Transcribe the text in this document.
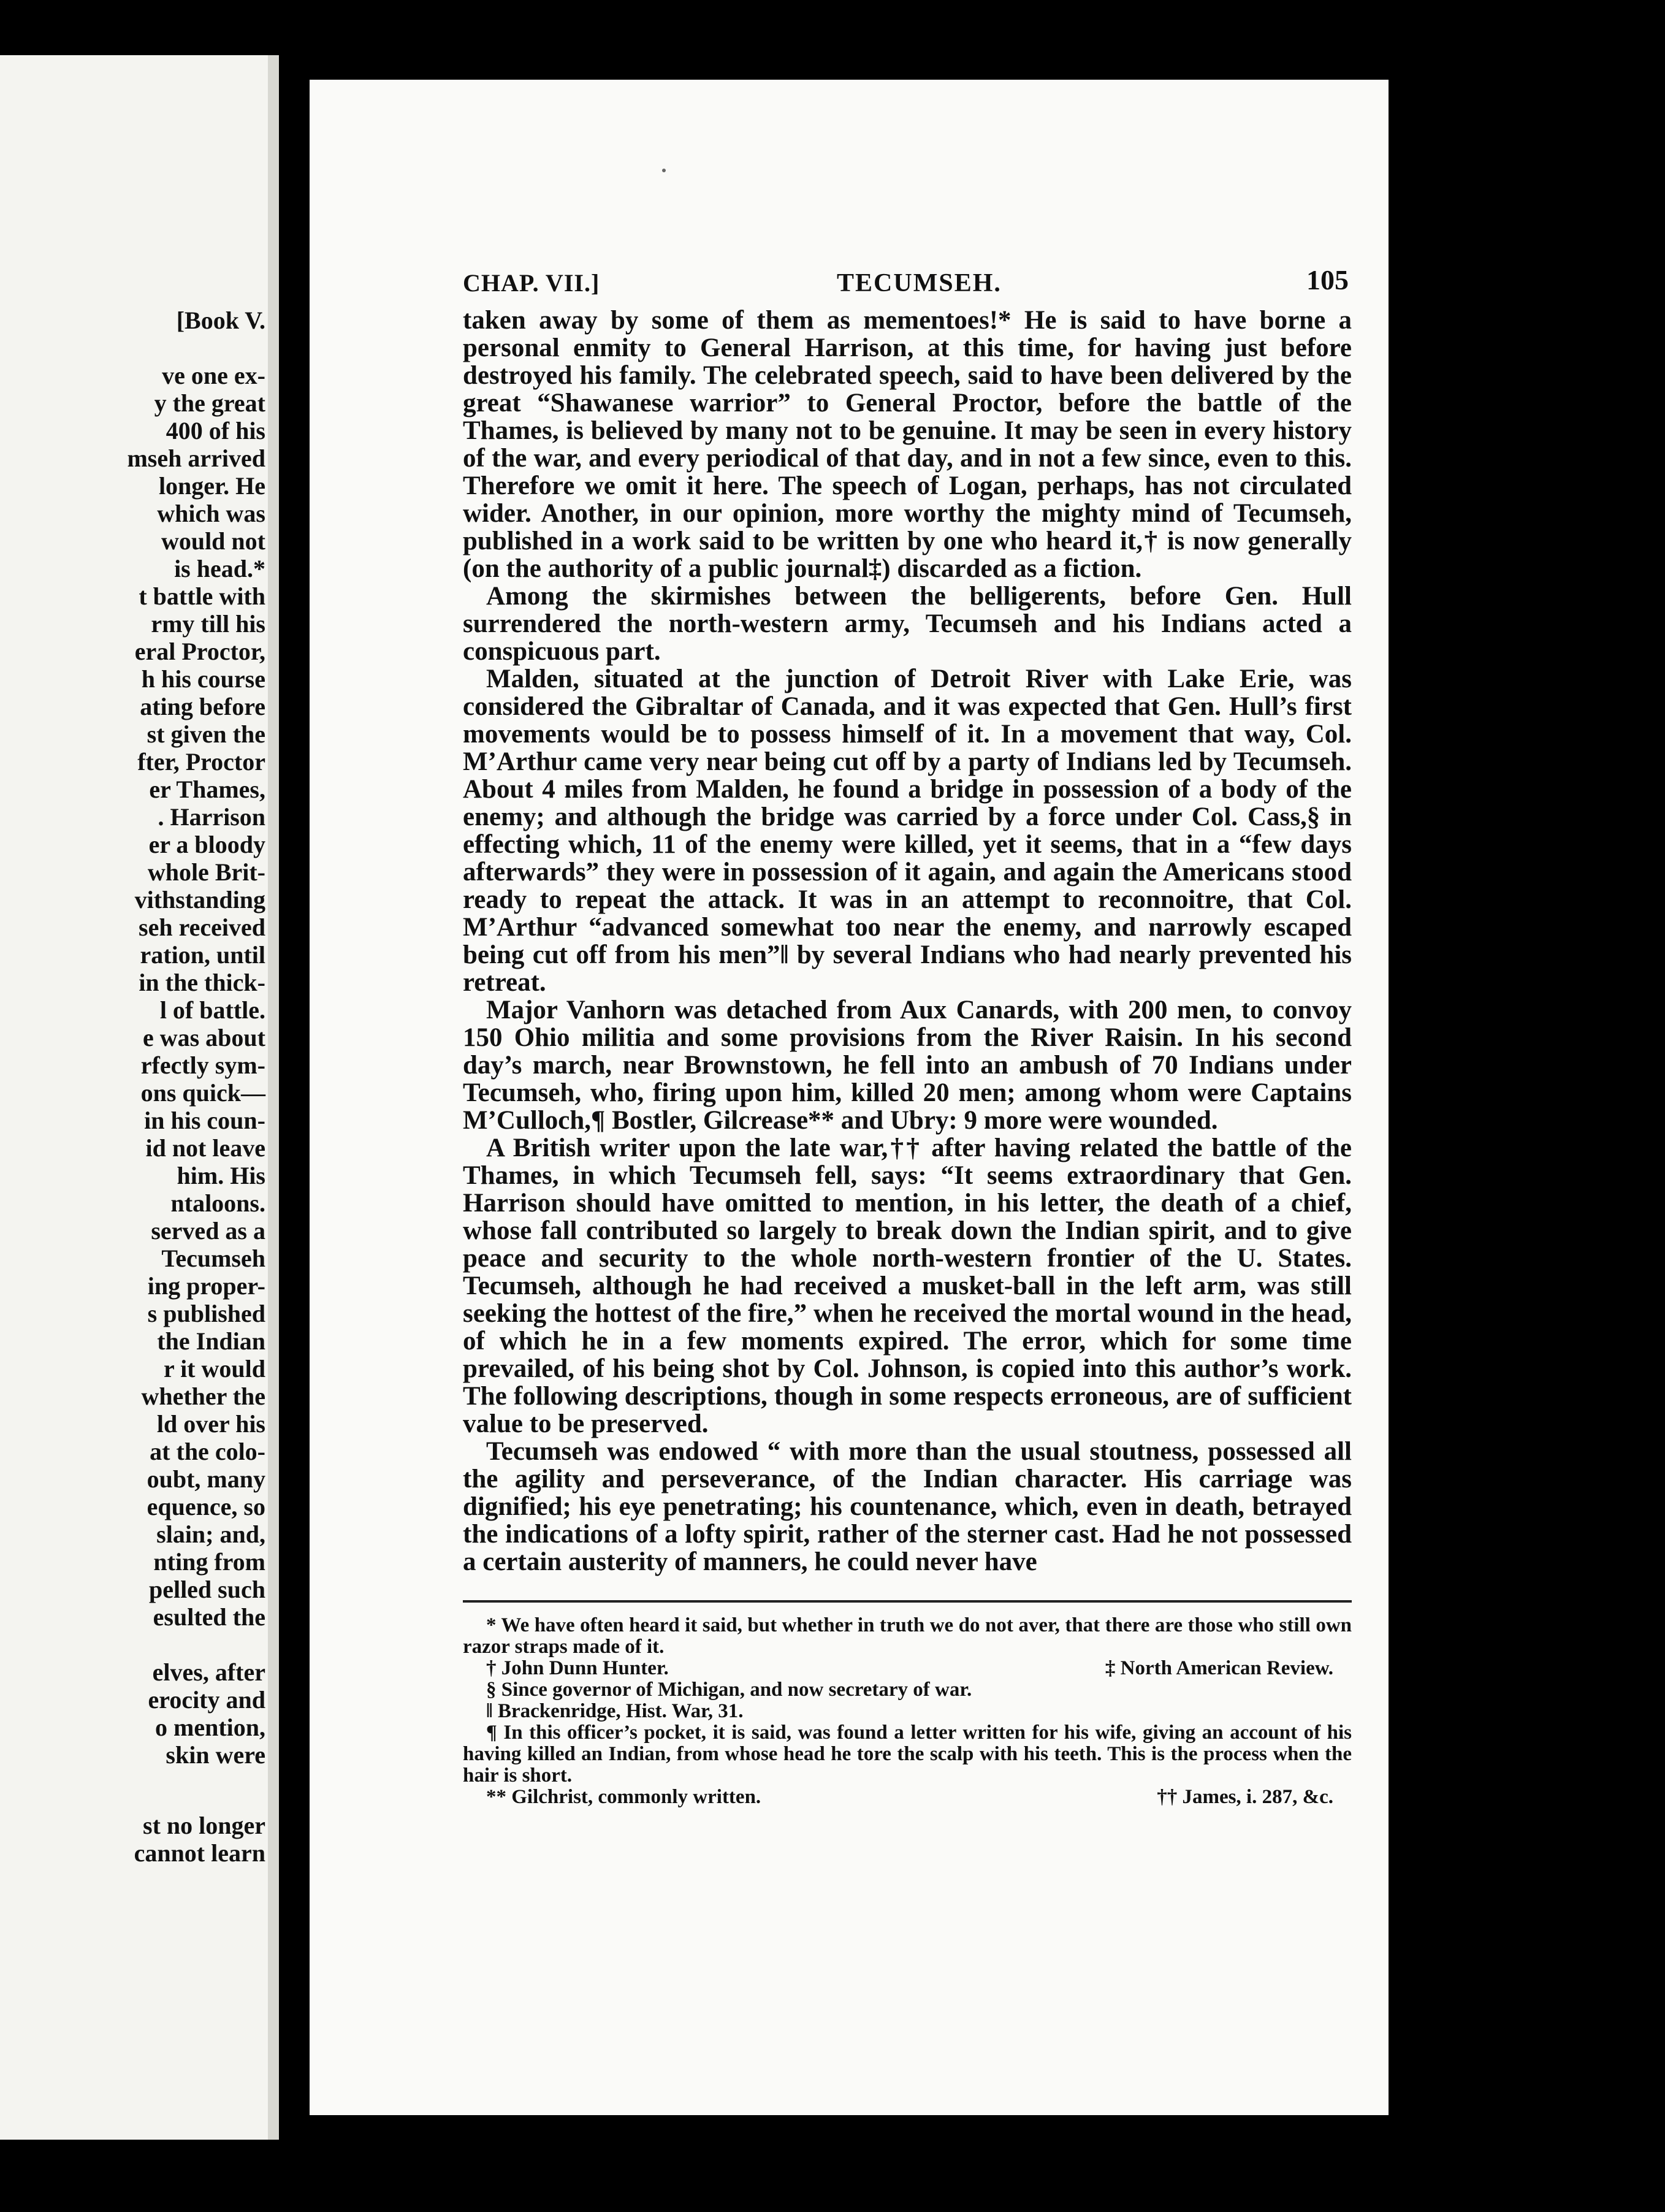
[Book V.
ve one ex-
y the great
400 of his
mseh arrived
longer. He
which was
would not
is head.*
t battle with
rmy till his
eral Proctor,
h his course
ating before
st given the
fter, Proctor
er Thames,
. Harrison
er a bloody
whole Brit-
vithstanding
seh received
ration, until
in the thick-
l of battle.
e was about
rfectly sym-
ons quick—
in his coun-
id not leave
him. His
ntaloons.
served as a
Tecumseh
ing proper-
s published
the Indian
r it would
whether the
ld over his
at the colo-
oubt, many
equence, so
slain; and,
nting from
pelled such
esulted the
elves, after
erocity and
o mention,
skin were
st no longer
cannot learn
CHAP. VII.]	TECUMSEH.	105

taken away by some of them as mementoes!* He is said to have borne a personal enmity to General Harrison, at this time, for having just before destroyed his family. The celebrated speech, said to have been delivered by the great “Shawanese warrior” to General Proctor, before the battle of the Thames, is believed by many not to be genuine. It may be seen in every history of the war, and every periodical of that day, and in not a few since, even to this. Therefore we omit it here. The speech of Logan, perhaps, has not circulated wider. Another, in our opinion, more worthy the mighty mind of Tecumseh, published in a work said to be written by one who heard it,† is now generally (on the authority of a public journal‡) discarded as a fiction.

Among the skirmishes between the belligerents, before Gen. Hull surrendered the north-western army, Tecumseh and his Indians acted a conspicuous part.

Malden, situated at the junction of Detroit River with Lake Erie, was considered the Gibraltar of Canada, and it was expected that Gen. Hull’s first movements would be to possess himself of it. In a movement that way, Col. M’Arthur came very near being cut off by a party of Indians led by Tecumseh. About 4 miles from Malden, he found a bridge in possession of a body of the enemy; and although the bridge was carried by a force under Col. Cass,§ in effecting which, 11 of the enemy were killed, yet it seems, that in a “few days afterwards” they were in possession of it again, and again the Americans stood ready to repeat the attack. It was in an attempt to reconnoitre, that Col. M’Arthur “advanced somewhat too near the enemy, and narrowly escaped being cut off from his men”‖ by several Indians who had nearly prevented his retreat.

Major Vanhorn was detached from Aux Canards, with 200 men, to convoy 150 Ohio militia and some provisions from the River Raisin. In his second day’s march, near Brownstown, he fell into an ambush of 70 Indians under Tecumseh, who, firing upon him, killed 20 men; among whom were Captains M’Culloch,¶ Bostler, Gilcrease** and Ubry: 9 more were wounded.

A British writer upon the late war,†† after having related the battle of the Thames, in which Tecumseh fell, says: “It seems extraordinary that Gen. Harrison should have omitted to mention, in his letter, the death of a chief, whose fall contributed so largely to break down the Indian spirit, and to give peace and security to the whole north-western frontier of the U. States. Tecumseh, although he had received a musket-ball in the left arm, was still seeking the hottest of the fire,” when he received the mortal wound in the head, of which he in a few moments expired. The error, which for some time prevailed, of his being shot by Col. Johnson, is copied into this author’s work. The following descriptions, though in some respects erroneous, are of sufficient value to be preserved.

Tecumseh was endowed “ with more than the usual stoutness, possessed all the agility and perseverance, of the Indian character. His carriage was dignified; his eye penetrating; his countenance, which, even in death, betrayed the indications of a lofty spirit, rather of the sterner cast. Had he not possessed a certain austerity of manners, he could never have

* We have often heard it said, but whether in truth we do not aver, that there are those who still own razor straps made of it.

† John Dunn Hunter.	‡ North American Review.

§ Since governor of Michigan, and now secretary of war.

‖ Brackenridge, Hist. War, 31.

¶ In this officer’s pocket, it is said, was found a letter written for his wife, giving an account of his having killed an Indian, from whose head he tore the scalp with his teeth. This is the process when the hair is short.

** Gilchrist, commonly written.	†† James, i. 287, &c.
